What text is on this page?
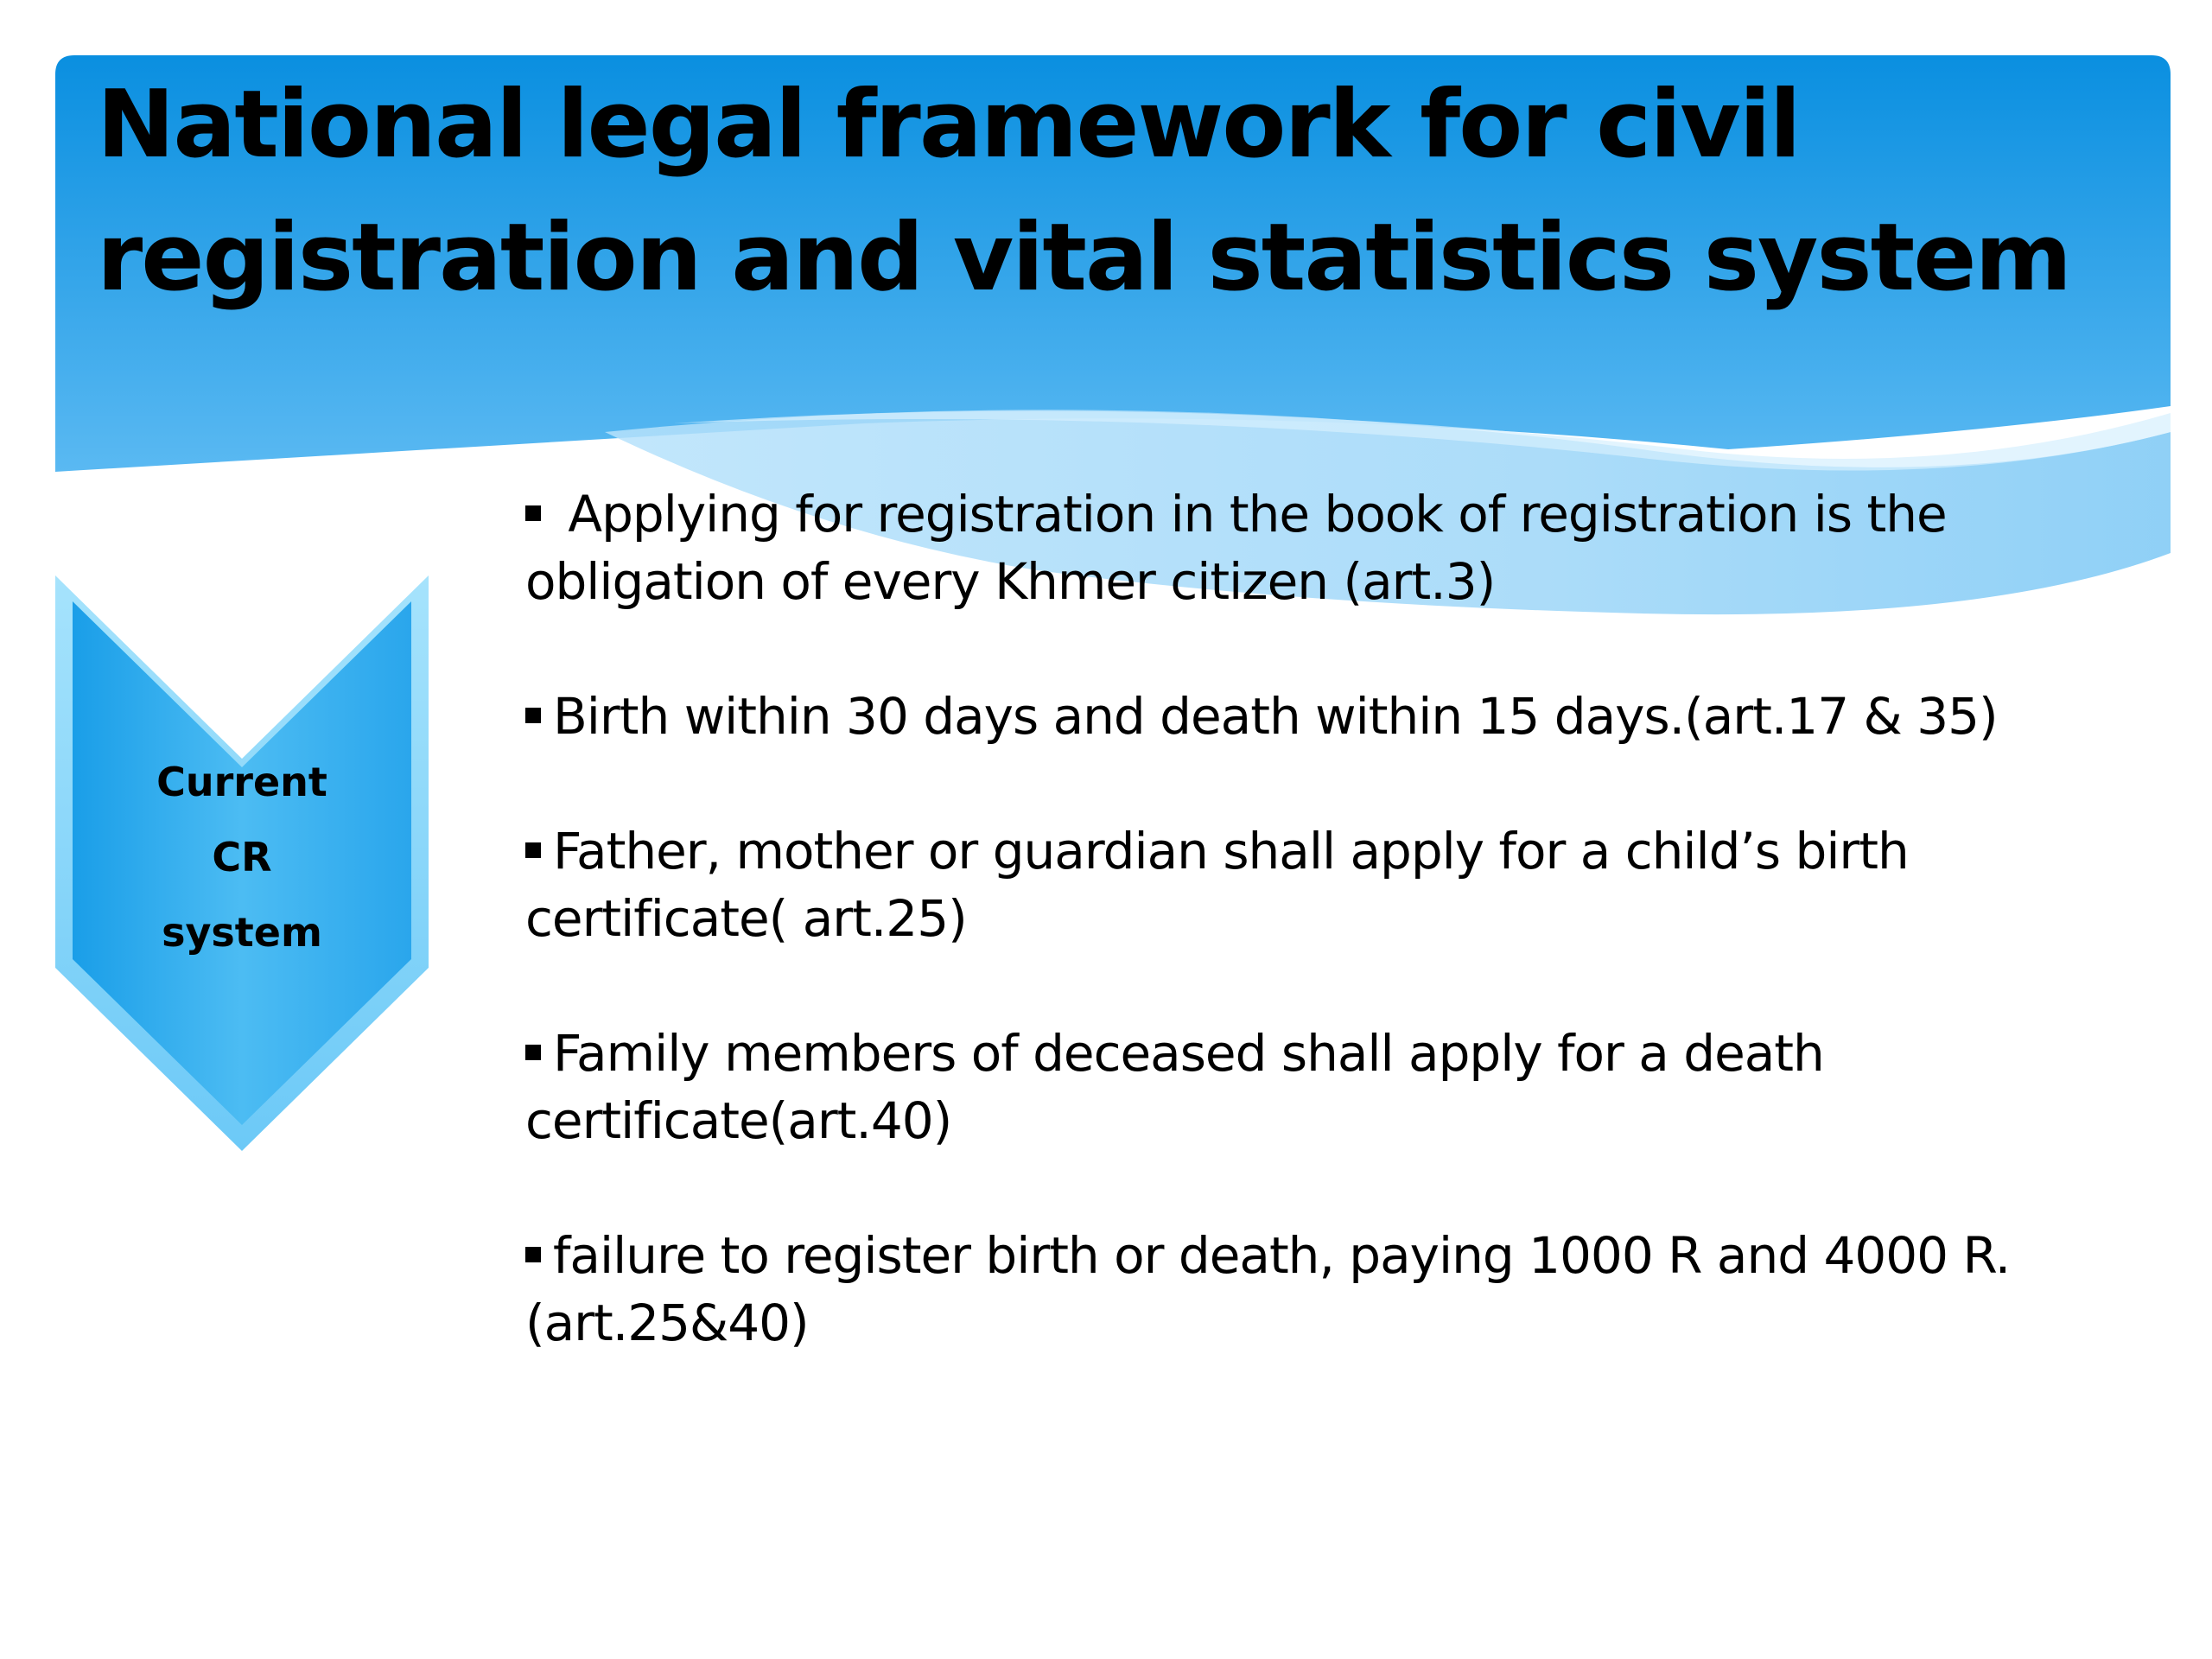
National legal framework for civil
registration and vital statistics system
Current
CR
system
Applying for registration in the book of registration is the obligation of every Khmer citizen (art.3)
Birth within 30 days and death within 15 days.(art.17 & 35)
Father, mother or guardian shall apply for a child’s birth certificate( art.25)
Family members of deceased shall apply for a death certificate(art.40)
failure to register birth or death, paying 1000 R and 4000 R.(art.25&40)
